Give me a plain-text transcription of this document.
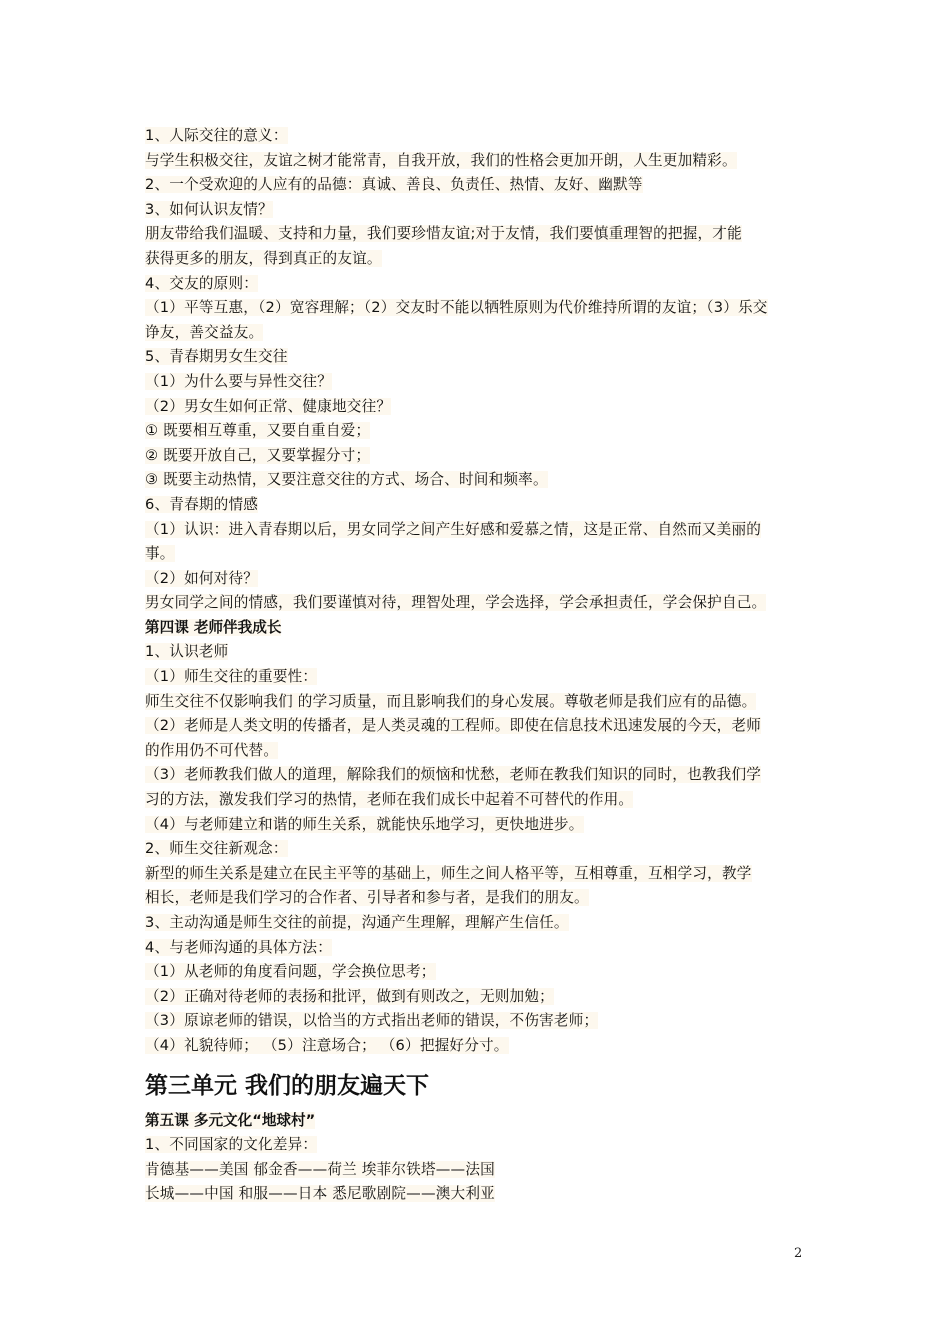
1、人际交往的意义：
与学生积极交往，友谊之树才能常青，自我开放，我们的性格会更加开朗，人生更加精彩。
2、一个受欢迎的人应有的品德：真诚、善良、负责任、热情、友好、幽默等
3、如何认识友情？
朋友带给我们温暖、支持和力量，我们要珍惜友谊;对于友情，我们要慎重理智的把握，才能
获得更多的朋友，得到真正的友谊。
4、交友的原则：
（1）平等互惠，（2）宽容理解；（2）交友时不能以牺牲原则为代价维持所谓的友谊；（3）乐交
诤友，善交益友。
5、青春期男女生交往
（1）为什么要与异性交往？
（2）男女生如何正常、健康地交往？
① 既要相互尊重，又要自重自爱；
② 既要开放自己，又要掌握分寸；
③ 既要主动热情，又要注意交往的方式、场合、时间和频率。
6、青春期的情感
（1）认识：进入青春期以后，男女同学之间产生好感和爱慕之情，这是正常、自然而又美丽的
事。
（2）如何对待？
男女同学之间的情感，我们要谨慎对待，理智处理，学会选择，学会承担责任，学会保护自己。
第四课 老师伴我成长
1、认识老师
（1）师生交往的重要性：
师生交往不仅影响我们 的学习质量，而且影响我们的身心发展。尊敬老师是我们应有的品德。
（2）老师是人类文明的传播者，是人类灵魂的工程师。即使在信息技术迅速发展的今天，老师
的作用仍不可代替。
（3）老师教我们做人的道理，解除我们的烦恼和忧愁，老师在教我们知识的同时，也教我们学
习的方法，激发我们学习的热情，老师在我们成长中起着不可替代的作用。
（4）与老师建立和谐的师生关系，就能快乐地学习，更快地进步。
2、师生交往新观念：
新型的师生关系是建立在民主平等的基础上，师生之间人格平等，互相尊重，互相学习，教学
相长，老师是我们学习的合作者、引导者和参与者，是我们的朋友。
3、主动沟通是师生交往的前提，沟通产生理解，理解产生信任。
4、与老师沟通的具体方法：
（1）从老师的角度看问题，学会换位思考；
（2）正确对待老师的表扬和批评，做到有则改之，无则加勉；
（3）原谅老师的错误，以恰当的方式指出老师的错误，不伤害老师；
（4）礼貌待师； （5）注意场合； （6）把握好分寸。
第三单元 我们的朋友遍天下
第五课 多元文化“地球村”
1、不同国家的文化差异：
肯德基——美国 郁金香——荷兰 埃菲尔铁塔——法国
长城——中国 和服——日本 悉尼歌剧院——澳大利亚
2
